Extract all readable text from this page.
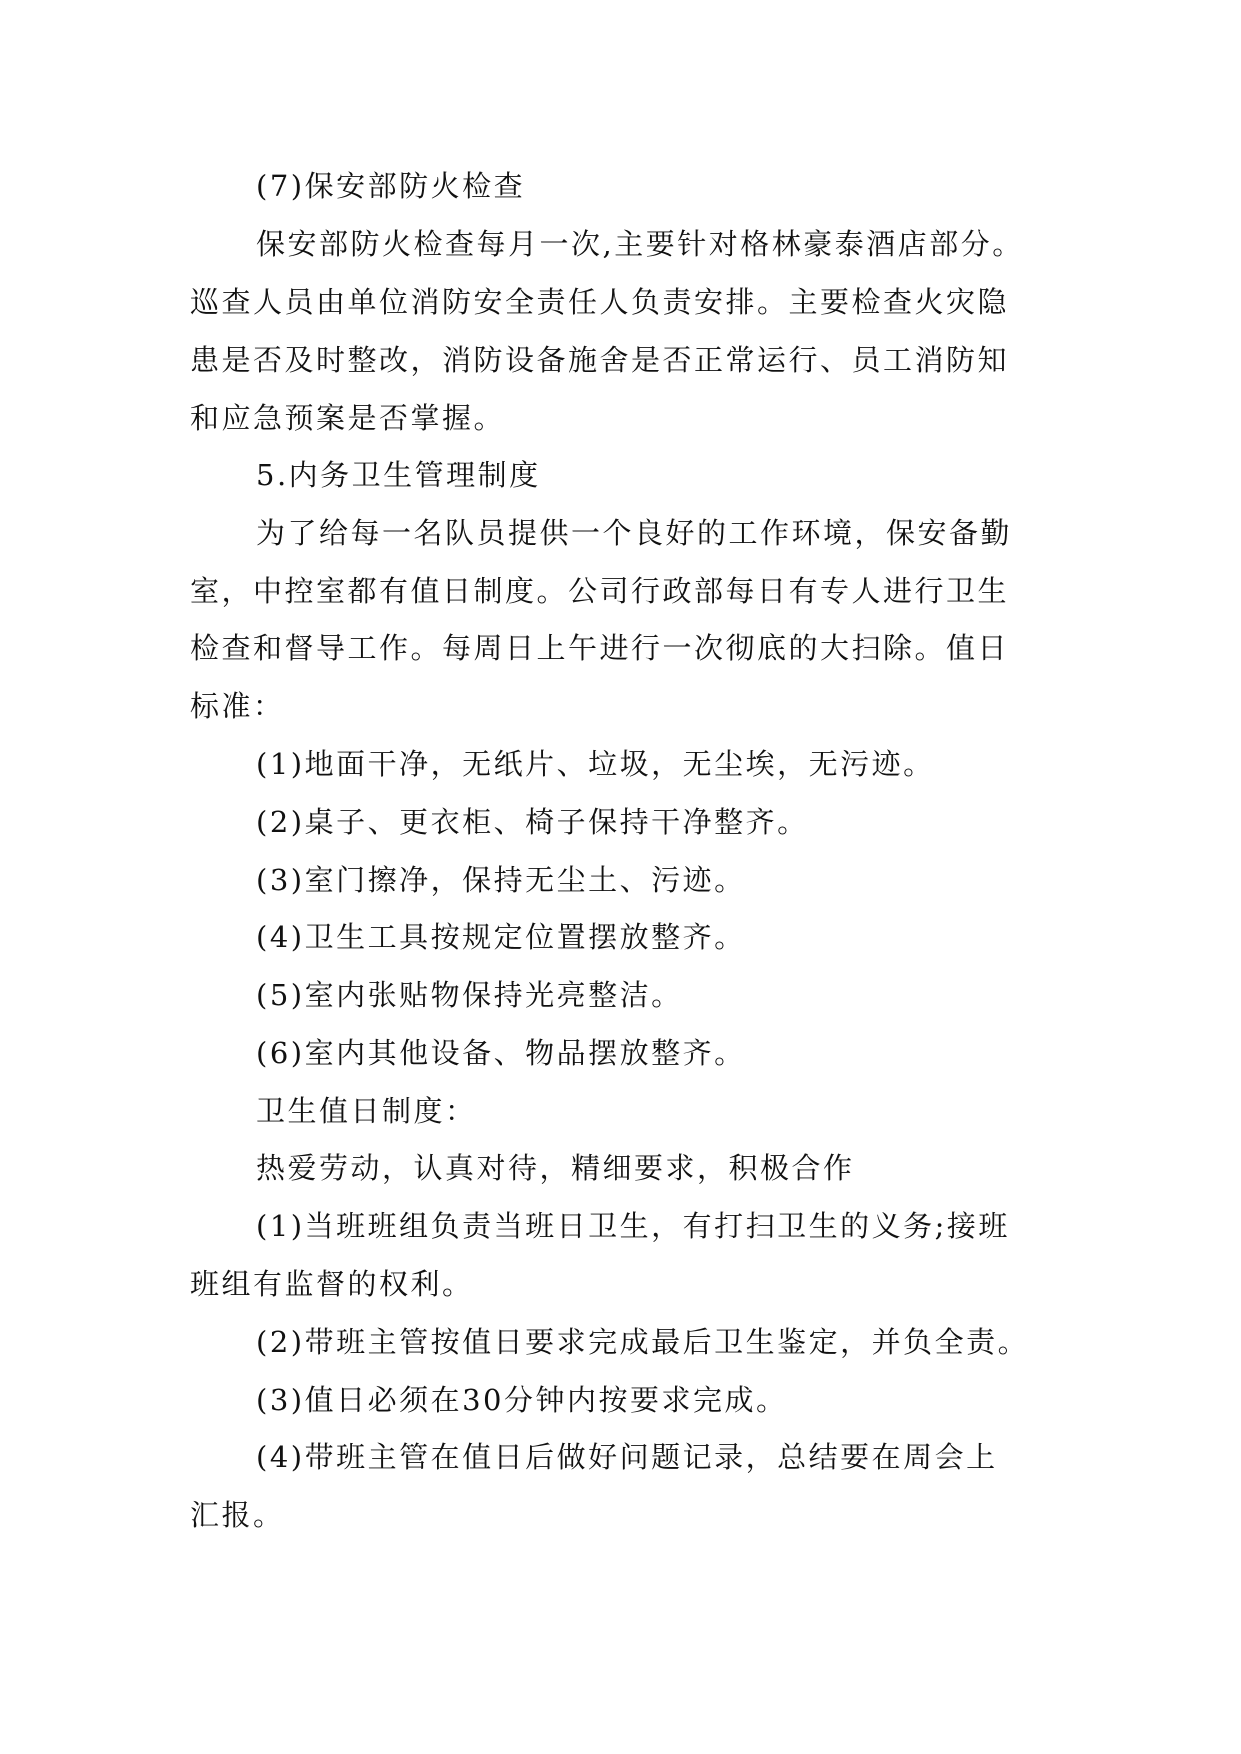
(7)保安部防火检查
保安部防火检查每月一次,主要针对格林豪泰酒店部分。
巡查人员由单位消防安全责任人负责安排。主要检查火灾隐
患是否及时整改，消防设备施舍是否正常运行、员工消防知
和应急预案是否掌握。
5.内务卫生管理制度
为了给每一名队员提供一个良好的工作环境，保安备勤
室，中控室都有值日制度。公司行政部每日有专人进行卫生
检查和督导工作。每周日上午进行一次彻底的大扫除。值日
标准：
(1)地面干净，无纸片、垃圾，无尘埃，无污迹。
(2)桌子、更衣柜、椅子保持干净整齐。
(3)室门擦净，保持无尘土、污迹。
(4)卫生工具按规定位置摆放整齐。
(5)室内张贴物保持光亮整洁。
(6)室内其他设备、物品摆放整齐。
卫生值日制度：
热爱劳动，认真对待，精细要求，积极合作
(1)当班班组负责当班日卫生，有打扫卫生的义务;接班
班组有监督的权利。
(2)带班主管按值日要求完成最后卫生鉴定，并负全责。
(3)值日必须在30分钟内按要求完成。
(4)带班主管在值日后做好问题记录，总结要在周会上
汇报。
